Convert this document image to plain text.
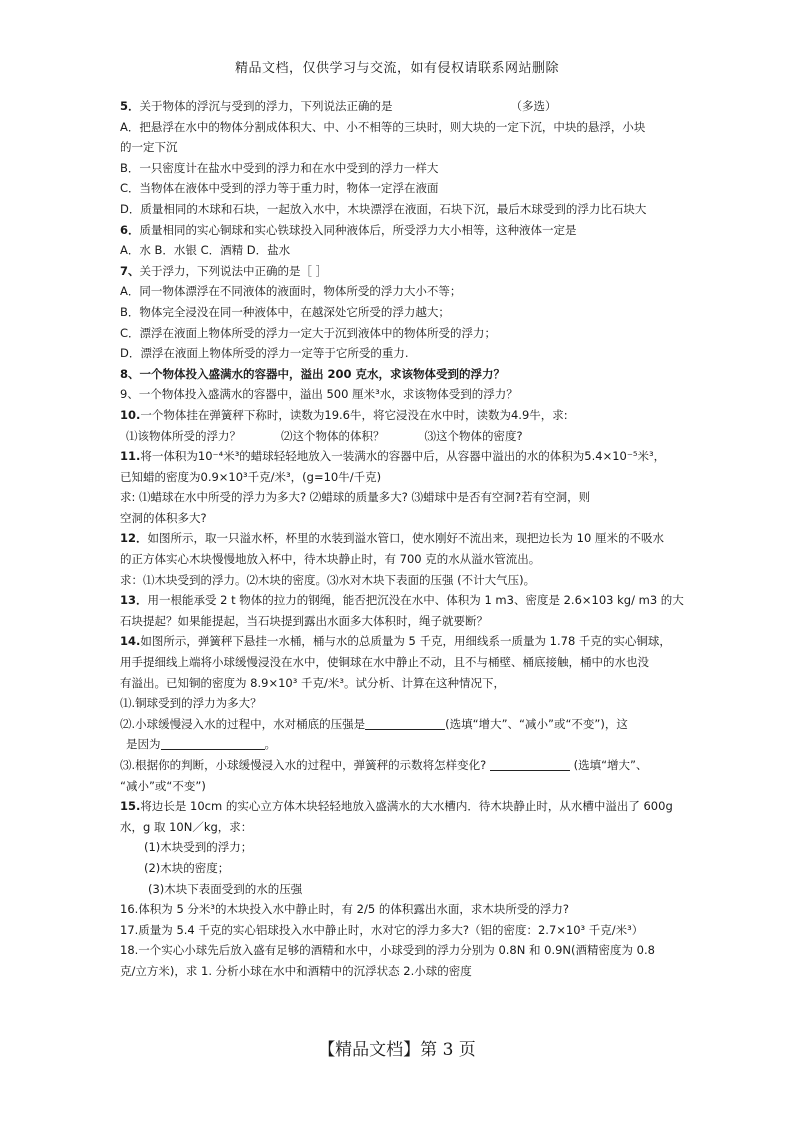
精品文档，仅供学习与交流，如有侵权请联系网站删除
5．关于物体的浮沉与受到的浮力，下列说法正确的是	（多选）
A．把悬浮在水中的物体分割成体积大、中、小不相等的三块时，则大块的一定下沉，中块的悬浮，小块
的一定下沉
B．一只密度计在盐水中受到的浮力和在水中受到的浮力一样大
C．当物体在液体中受到的浮力等于重力时，物体一定浮在液面
D．质量相同的木球和石块，一起放入水中，木块漂浮在液面，石块下沉，最后木球受到的浮力比石块大
6．质量相同的实心铜球和实心铁球投入同种液体后，所受浮力大小相等，这种液体一定是
A．水 B．水银 C．酒精 D．盐水
7、关于浮力，下列说法中正确的是［ ］
A．同一物体漂浮在不同液体的液面时，物体所受的浮力大小不等；
B．物体完全浸没在同一种液体中，在越深处它所受的浮力越大；
C．漂浮在液面上物体所受的浮力一定大于沉到液体中的物体所受的浮力；
D．漂浮在液面上物体所受的浮力一定等于它所受的重力.
8、一个物体投入盛满水的容器中，溢出 200 克水，求该物体受到的浮力？
9、一个物体投入盛满水的容器中，溢出 500 厘米³水，求该物体受到的浮力？
10.一个物体挂在弹簧秤下称时，读数为19.6牛，将它浸没在水中时，读数为4.9牛，求:
⑴该物体所受的浮力？	⑵这个物体的体积？	⑶这个物体的密度?
11.将一体积为10⁻⁴米³的蜡球轻轻地放入一装满水的容器中后，从容器中溢出的水的体积为5.4×10⁻⁵米³，
已知蜡的密度为0.9×10³千克/米³，(g=10牛/千克)
求: ⑴蜡球在水中所受的浮力为多大? ⑵蜡球的质量多大? ⑶蜡球中是否有空洞?若有空洞，则
空洞的体积多大?
12．如图所示，取一只溢水杯，杯里的水装到溢水管口，使水刚好不流出来，现把边长为 10 厘米的不吸水
的正方体实心木块慢慢地放入杯中，待木块静止时，有 700 克的水从溢水管流出。
求：⑴木块受到的浮力。⑵木块的密度。⑶水对木块下表面的压强 (不计大气压)。
13．用一根能承受 2 t 物体的拉力的钢绳，能否把沉没在水中、体积为 1 m3、密度是 2.6×103 kg/ m3 的大
石块提起？如果能提起，当石块提到露出水面多大体积时，绳子就要断？
14.如图所示，弹簧秤下悬挂一水桶，桶与水的总质量为 5 千克，用细线系一质量为 1.78 千克的实心铜球，
用手提细线上端将小球缓慢浸没在水中，使铜球在水中静止不动，且不与桶壁、桶底接触，桶中的水也没
有溢出。已知铜的密度为 8.9×10³ 千克/米³。试分析、计算在这种情况下，
⑴.铜球受到的浮力为多大？
⑵.小球缓慢浸入水的过程中，水对桶底的压强是	(选填“增大”、“减小”或“不变”)，这
是因为	。
⑶.根据你的判断，小球缓慢浸入水的过程中，弹簧秤的示数将怎样变化?	(选填“增大”、
“减小”或“不变”)
15.将边长是 10cm 的实心立方体木块轻轻地放入盛满水的大水槽内．待木块静止时，从水槽中溢出了 600g
水，g 取 10N／kg，求：
(1)木块受到的浮力；
(2)木块的密度；
(3)木块下表面受到的水的压强
16.体积为 5 分米³的木块投入水中静止时，有 2/5 的体积露出水面，求木块所受的浮力?
17.质量为 5.4 千克的实心铝球投入水中静止时，水对它的浮力多大?（铝的密度：2.7×10³ 千克/米³）
18.一个实心小球先后放入盛有足够的酒精和水中，小球受到的浮力分别为 0.8N 和 0.9N(酒精密度为 0.8
克/立方米)，求 1. 分析小球在水中和酒精中的沉浮状态 2.小球的密度
【精品文档】第 3 页
